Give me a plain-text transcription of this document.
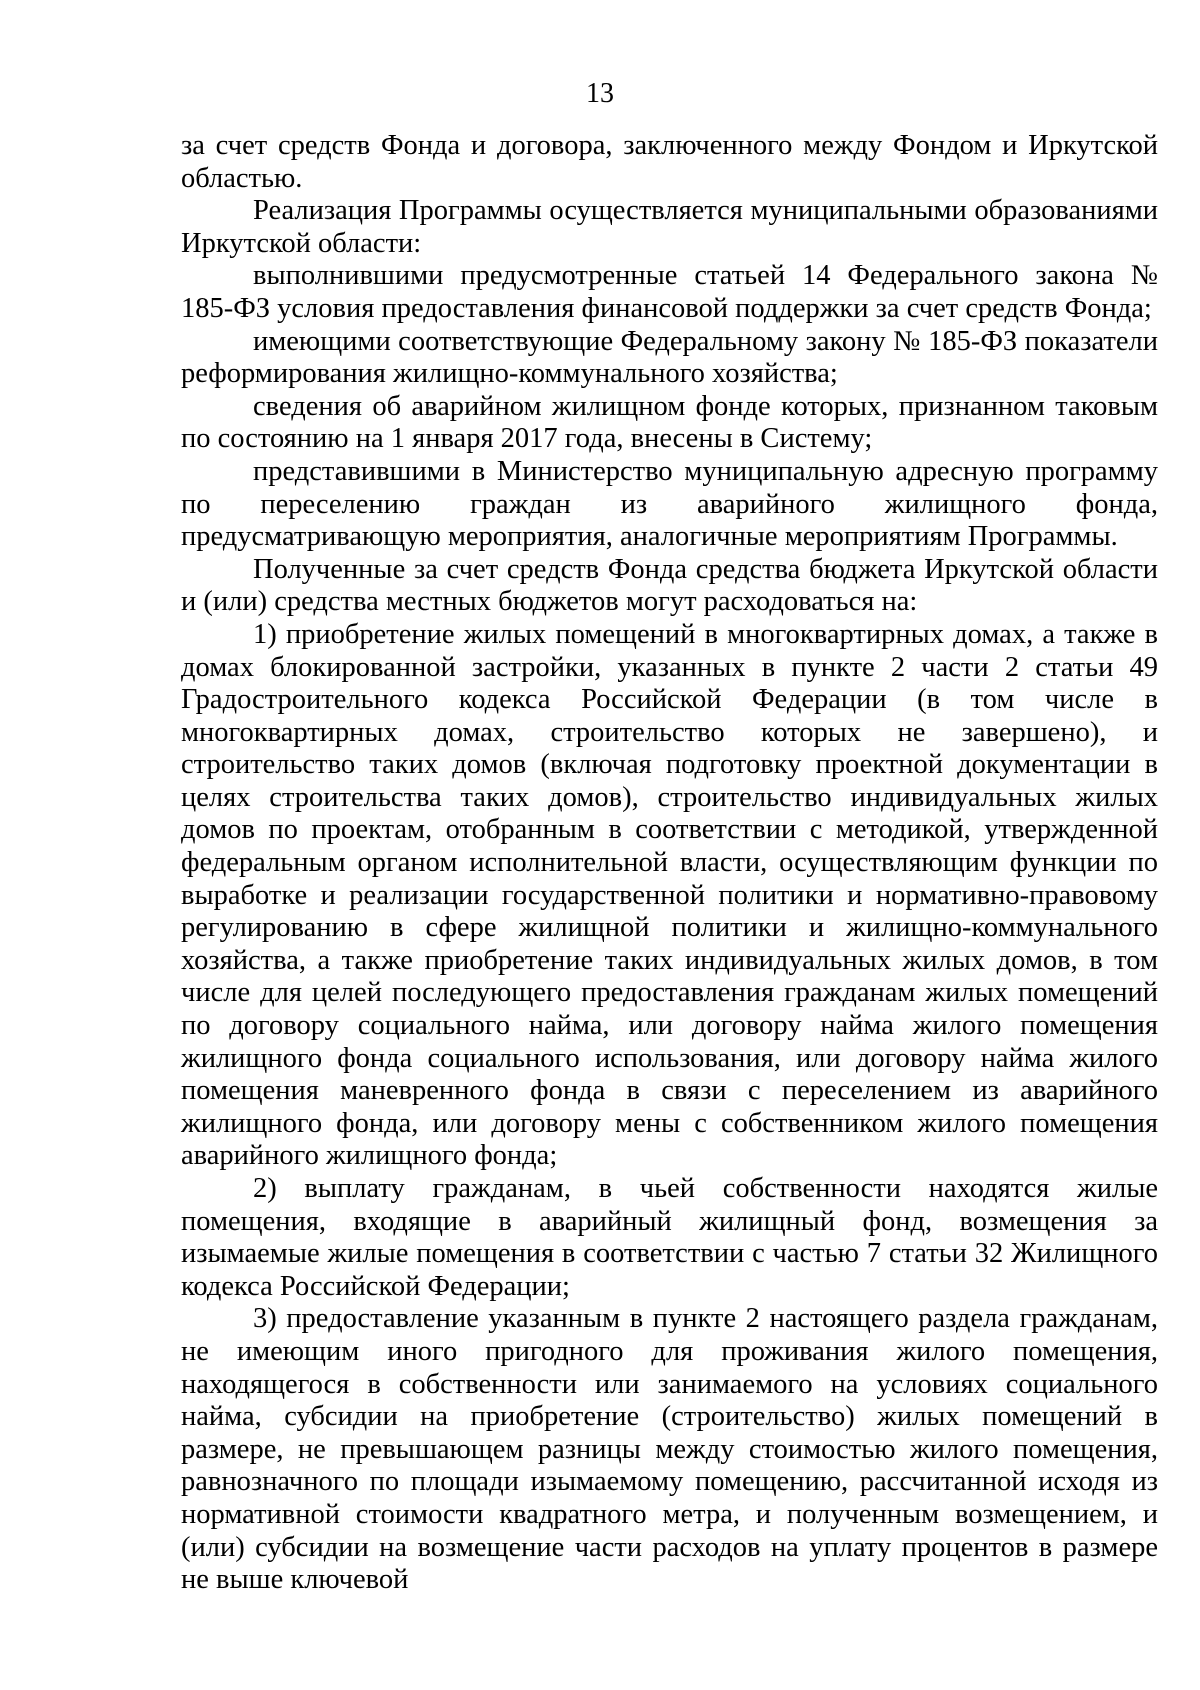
13

за счет средств Фонда и договора, заключенного между Фондом и Иркутской областью.

Реализация Программы осуществляется муниципальными образованиями Иркутской области:

выполнившими предусмотренные статьей 14 Федерального закона № 185-ФЗ условия предоставления финансовой поддержки за счет средств Фонда;

имеющими соответствующие Федеральному закону № 185-ФЗ показатели реформирования жилищно-коммунального хозяйства;

сведения об аварийном жилищном фонде которых, признанном таковым по состоянию на 1 января 2017 года, внесены в Систему;

представившими в Министерство муниципальную адресную программу по переселению граждан из аварийного жилищного фонда, предусматривающую мероприятия, аналогичные мероприятиям Программы.

Полученные за счет средств Фонда средства бюджета Иркутской области и (или) средства местных бюджетов могут расходоваться на:

1) приобретение жилых помещений в многоквартирных домах, а также в домах блокированной застройки, указанных в пункте 2 части 2 статьи 49 Градостроительного кодекса Российской Федерации (в том числе в многоквартирных домах, строительство которых не завершено), и строительство таких домов (включая подготовку проектной документации в целях строительства таких домов), строительство индивидуальных жилых домов по проектам, отобранным в соответствии с методикой, утвержденной федеральным органом исполнительной власти, осуществляющим функции по выработке и реализации государственной политики и нормативно-правовому регулированию в сфере жилищной политики и жилищно-коммунального хозяйства, а также приобретение таких индивидуальных жилых домов, в том числе для целей последующего предоставления гражданам жилых помещений по договору социального найма, или договору найма жилого помещения жилищного фонда социального использования, или договору найма жилого помещения маневренного фонда в связи с переселением из аварийного жилищного фонда, или договору мены с собственником жилого помещения аварийного жилищного фонда;

2) выплату гражданам, в чьей собственности находятся жилые помещения, входящие в аварийный жилищный фонд, возмещения за изымаемые жилые помещения в соответствии с частью 7 статьи 32 Жилищного кодекса Российской Федерации;

3) предоставление указанным в пункте 2 настоящего раздела гражданам, не имеющим иного пригодного для проживания жилого помещения, находящегося в собственности или занимаемого на условиях социального найма, субсидии на приобретение (строительство) жилых помещений в размере, не превышающем разницы между стоимостью жилого помещения, равнозначного по площади изымаемому помещению, рассчитанной исходя из нормативной стоимости квадратного метра, и полученным возмещением, и (или) субсидии на возмещение части расходов на уплату процентов в размере не выше ключевой
